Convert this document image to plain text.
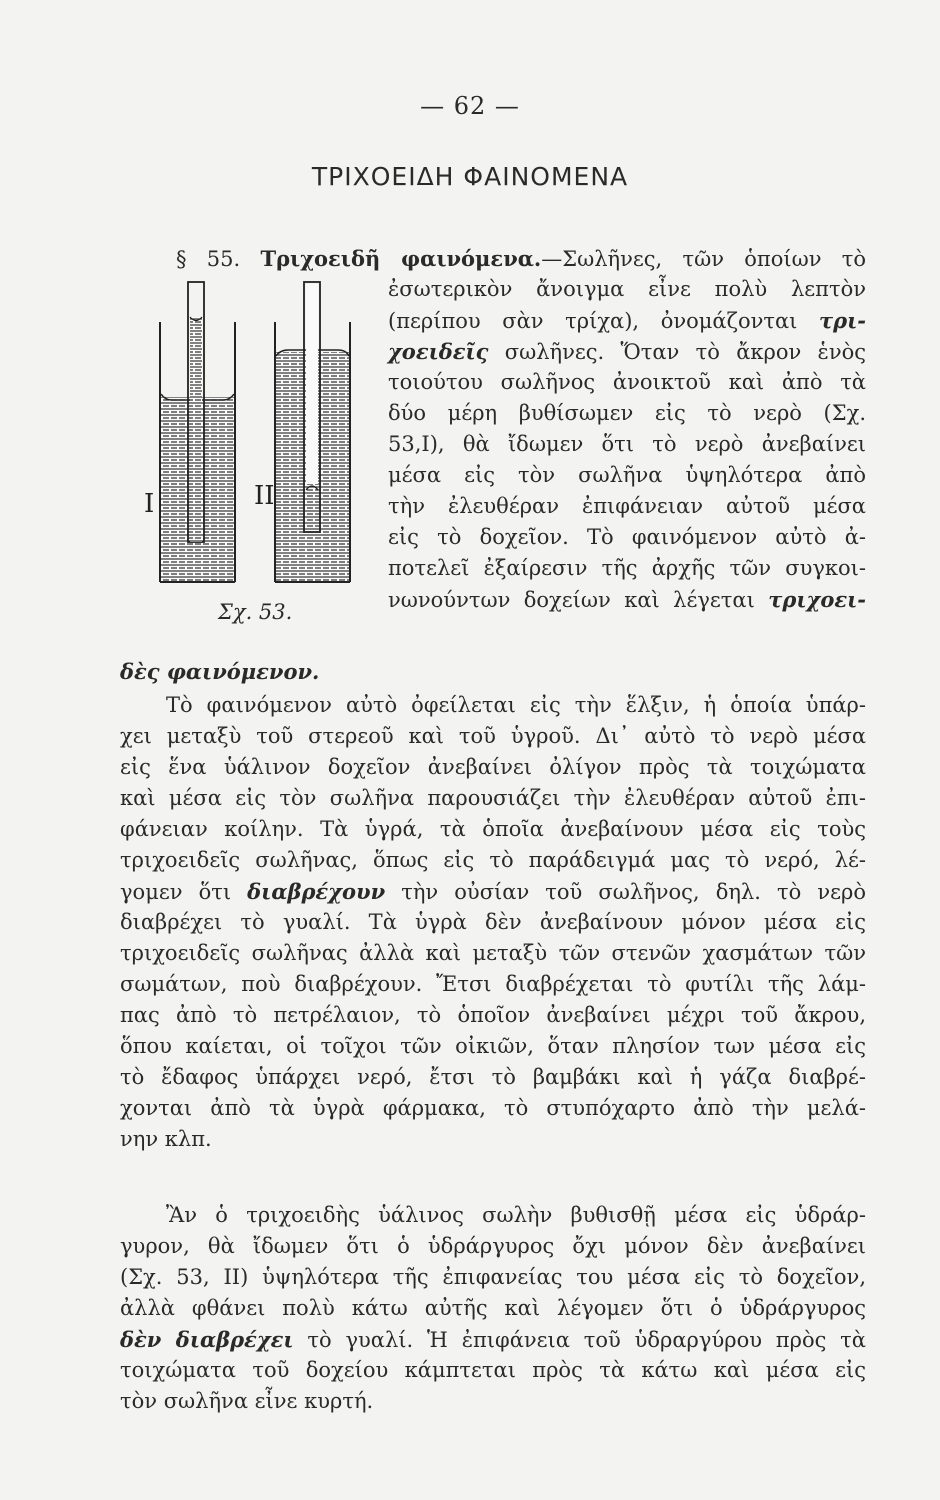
— 62 —
ΤΡΙΧΟΕΙΔΗ ΦΑΙΝΟΜΕΝΑ
§ 55. Τριχοειδῆ φαινόμενα.—Σωλῆνες, τῶν ὁποίων τὸ
ἐσωτερικὸν ἄνοιγμα εἶνε πολὺ λεπτὸν
(περίπου σὰν τρίχα), ὀνομάζονται τρι-
χοειδεῖς σωλῆνες. Ὅταν τὸ ἄκρον ἑνὸς
τοιούτου σωλῆνος ἀνοικτοῦ καὶ ἀπὸ τὰ
δύο μέρη βυθίσωμεν εἰς τὸ νερὸ (Σχ.
53,I), θὰ ἴδωμεν ὅτι τὸ νερὸ ἀνεβαίνει
μέσα εἰς τὸν σωλῆνα ὑψηλότερα ἀπὸ
τὴν ἐλευθέραν ἐπιφάνειαν αὐτοῦ μέσα
εἰς τὸ δοχεῖον. Τὸ φαινόμενον αὐτὸ ἀ-
ποτελεῖ ἐξαίρεσιν τῆς ἀρχῆς τῶν συγκοι-
νωνούντων δοχείων καὶ λέγεται τριχοει-
I	II
Σχ. 53.
δὲς φαινόμενον.
Τὸ φαινόμενον αὐτὸ ὀφείλεται εἰς τὴν ἕλξιν, ἡ ὁποία ὑπάρ-
χει μεταξὺ τοῦ στερεοῦ καὶ τοῦ ὑγροῦ. Δι᾽ αὐτὸ τὸ νερὸ μέσα
εἰς ἕνα ὑάλινον δοχεῖον ἀνεβαίνει ὀλίγον πρὸς τὰ τοιχώματα
καὶ μέσα εἰς τὸν σωλῆνα παρουσιάζει τὴν ἐλευθέραν αὐτοῦ ἐπι-
φάνειαν κοίλην. Τὰ ὑγρά, τὰ ὁποῖα ἀνεβαίνουν μέσα εἰς τοὺς
τριχοειδεῖς σωλῆνας, ὅπως εἰς τὸ παράδειγμά μας τὸ νερό, λέ-
γομεν ὅτι διαβρέχουν τὴν οὐσίαν τοῦ σωλῆνος, δηλ. τὸ νερὸ
διαβρέχει τὸ γυαλί. Τὰ ὑγρὰ δὲν ἀνεβαίνουν μόνον μέσα εἰς
τριχοειδεῖς σωλῆνας ἀλλὰ καὶ μεταξὺ τῶν στενῶν χασμάτων τῶν
σωμάτων, ποὺ διαβρέχουν. Ἔτσι διαβρέχεται τὸ φυτίλι τῆς λάμ-
πας ἀπὸ τὸ πετρέλαιον, τὸ ὁποῖον ἀνεβαίνει μέχρι τοῦ ἄκρου,
ὅπου καίεται, οἱ τοῖχοι τῶν οἰκιῶν, ὅταν πλησίον των μέσα εἰς
τὸ ἔδαφος ὑπάρχει νερό, ἔτσι τὸ βαμβάκι καὶ ἡ γάζα διαβρέ-
χονται ἀπὸ τὰ ὑγρὰ φάρμακα, τὸ στυπόχαρτο ἀπὸ τὴν μελά-
νην κλπ.
Ἂν ὁ τριχοειδὴς ὑάλινος σωλὴν βυθισθῇ μέσα εἰς ὑδράρ-
γυρον, θὰ ἴδωμεν ὅτι ὁ ὑδράργυρος ὄχι μόνον δὲν ἀνεβαίνει
(Σχ. 53, II) ὑψηλότερα τῆς ἐπιφανείας του μέσα εἰς τὸ δοχεῖον,
ἀλλὰ φθάνει πολὺ κάτω αὐτῆς καὶ λέγομεν ὅτι ὁ ὑδράργυρος
δὲν διαβρέχει τὸ γυαλί. Ἡ ἐπιφάνεια τοῦ ὑδραργύρου πρὸς τὰ
τοιχώματα τοῦ δοχείου κάμπτεται πρὸς τὰ κάτω καὶ μέσα εἰς
τὸν σωλῆνα εἶνε κυρτή.
